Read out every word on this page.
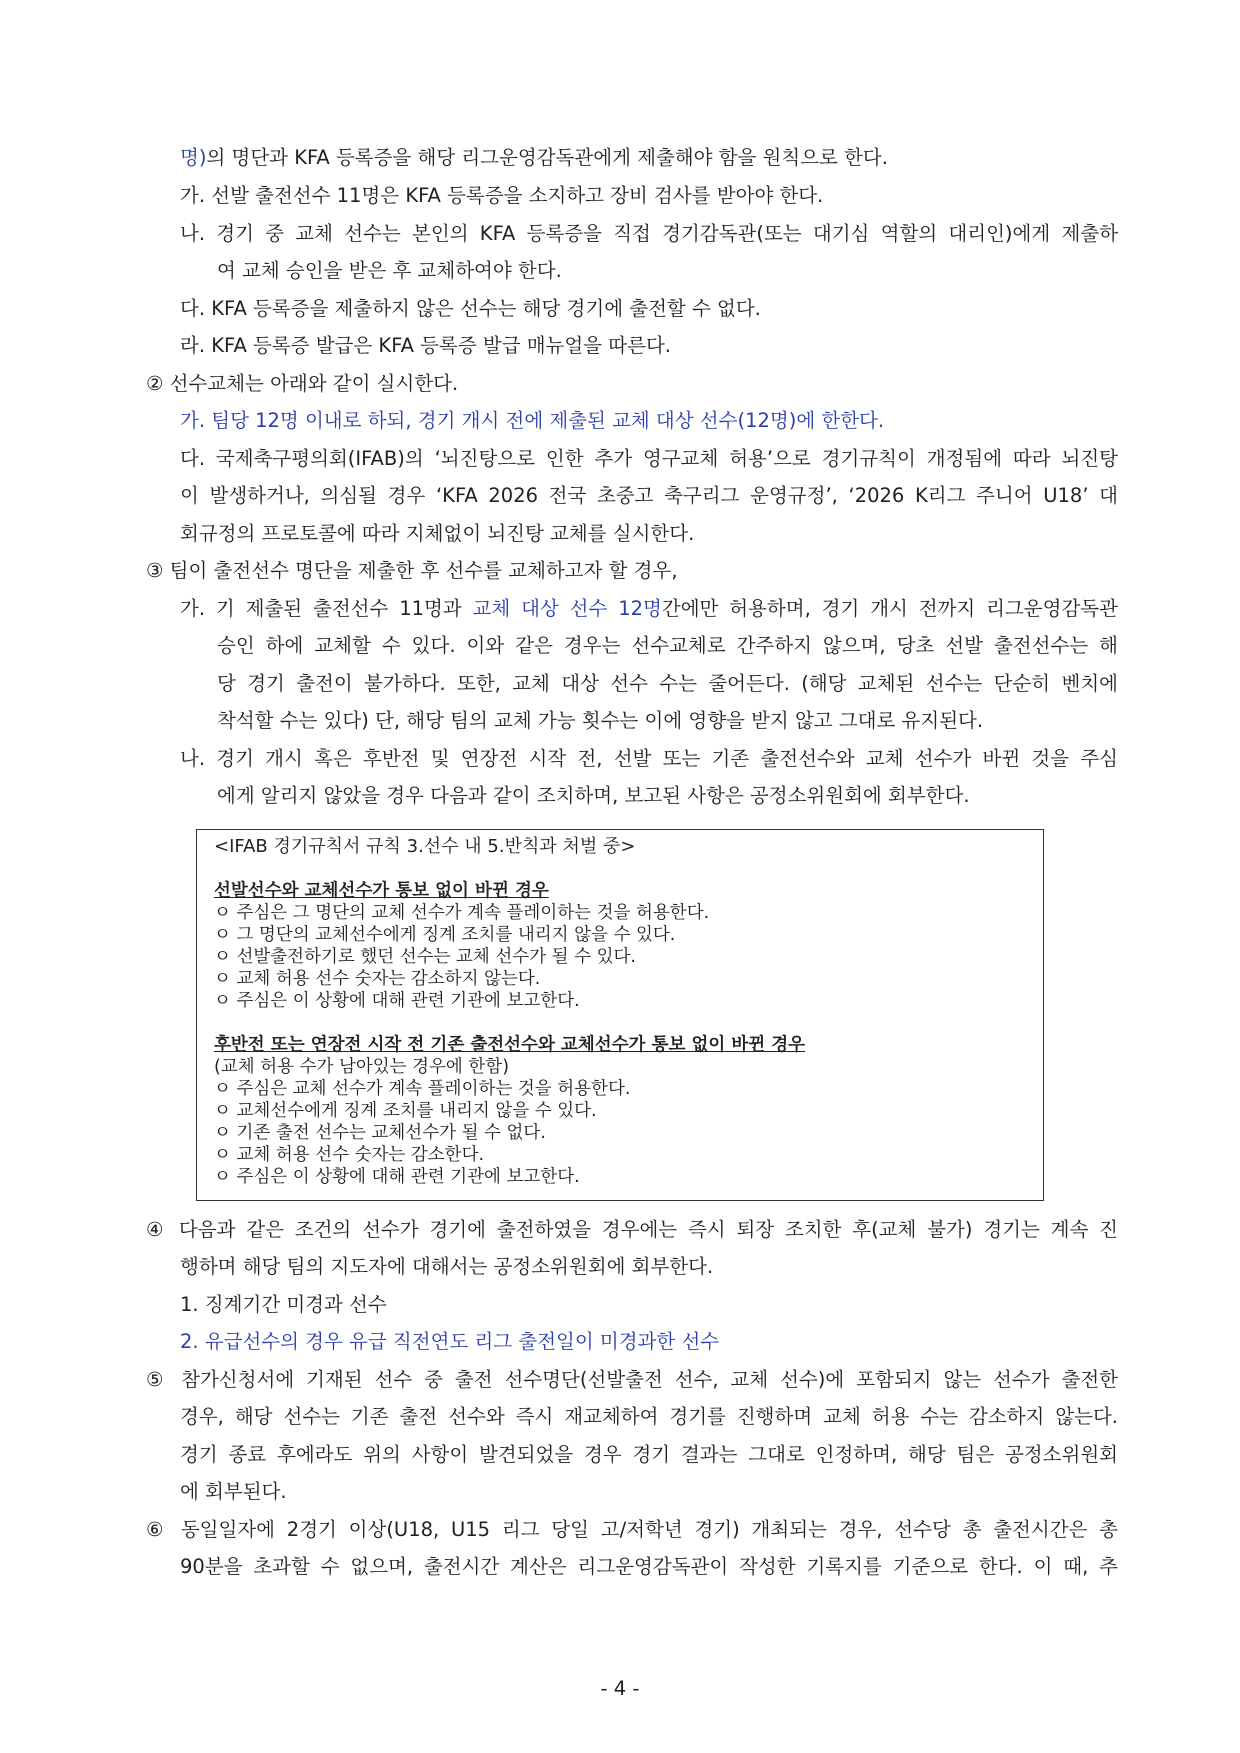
명)의 명단과 KFA 등록증을 해당 리그운영감독관에게 제출해야 함을 원칙으로 한다.
가. 선발 출전선수 11명은 KFA 등록증을 소지하고 장비 검사를 받아야 한다.
나. 경기 중 교체 선수는 본인의 KFA 등록증을 직접 경기감독관(또는 대기심 역할의 대리인)에게 제출하
여 교체 승인을 받은 후 교체하여야 한다.
다. KFA 등록증을 제출하지 않은 선수는 해당 경기에 출전할 수 없다.
라. KFA 등록증 발급은 KFA 등록증 발급 매뉴얼을 따른다.
② 선수교체는 아래와 같이 실시한다.
가. 팀당 12명 이내로 하되, 경기 개시 전에 제출된 교체 대상 선수(12명)에 한한다.
다. 국제축구평의회(IFAB)의 ‘뇌진탕으로 인한 추가 영구교체 허용’으로 경기규칙이 개정됨에 따라 뇌진탕
이 발생하거나, 의심될 경우 ‘KFA 2026 전국 초중고 축구리그 운영규정’, ‘2026 K리그 주니어 U18’ 대
회규정의 프로토콜에 따라 지체없이 뇌진탕 교체를 실시한다.
③ 팀이 출전선수 명단을 제출한 후 선수를 교체하고자 할 경우,
가. 기 제출된 출전선수 11명과 교체 대상 선수 12명간에만 허용하며, 경기 개시 전까지 리그운영감독관
승인 하에 교체할 수 있다. 이와 같은 경우는 선수교체로 간주하지 않으며, 당초 선발 출전선수는 해
당 경기 출전이 불가하다. 또한, 교체 대상 선수 수는 줄어든다. (해당 교체된 선수는 단순히 벤치에
착석할 수는 있다) 단, 해당 팀의 교체 가능 횟수는 이에 영향을 받지 않고 그대로 유지된다.
나. 경기 개시 혹은 후반전 및 연장전 시작 전, 선발 또는 기존 출전선수와 교체 선수가 바뀐 것을 주심
에게 알리지 않았을 경우 다음과 같이 조치하며, 보고된 사항은 공정소위원회에 회부한다.
<IFAB 경기규칙서 규칙 3.선수 내 5.반칙과 처벌 중>
선발선수와 교체선수가 통보 없이 바뀐 경우
ㅇ 주심은 그 명단의 교체 선수가 계속 플레이하는 것을 허용한다.
ㅇ 그 명단의 교체선수에게 징계 조치를 내리지 않을 수 있다.
ㅇ 선발출전하기로 했던 선수는 교체 선수가 될 수 있다.
ㅇ 교체 허용 선수 숫자는 감소하지 않는다.
ㅇ 주심은 이 상황에 대해 관련 기관에 보고한다.
후반전 또는 연장전 시작 전 기존 출전선수와 교체선수가 통보 없이 바뀐 경우
(교체 허용 수가 남아있는 경우에 한함)
ㅇ 주심은 교체 선수가 계속 플레이하는 것을 허용한다.
ㅇ 교체선수에게 징계 조치를 내리지 않을 수 있다.
ㅇ 기존 출전 선수는 교체선수가 될 수 없다.
ㅇ 교체 허용 선수 숫자는 감소한다.
ㅇ 주심은 이 상황에 대해 관련 기관에 보고한다.
④ 다음과 같은 조건의 선수가 경기에 출전하였을 경우에는 즉시 퇴장 조치한 후(교체 불가) 경기는 계속 진
행하며 해당 팀의 지도자에 대해서는 공정소위원회에 회부한다.
1. 징계기간 미경과 선수
2. 유급선수의 경우 유급 직전연도 리그 출전일이 미경과한 선수
⑤ 참가신청서에 기재된 선수 중 출전 선수명단(선발출전 선수, 교체 선수)에 포함되지 않는 선수가 출전한
경우, 해당 선수는 기존 출전 선수와 즉시 재교체하여 경기를 진행하며 교체 허용 수는 감소하지 않는다.
경기 종료 후에라도 위의 사항이 발견되었을 경우 경기 결과는 그대로 인정하며, 해당 팀은 공정소위원회
에 회부된다.
⑥ 동일일자에 2경기 이상(U18, U15 리그 당일 고/저학년 경기) 개최되는 경우, 선수당 총 출전시간은 총
90분을 초과할 수 없으며, 출전시간 계산은 리그운영감독관이 작성한 기록지를 기준으로 한다. 이 때, 추
- 4 -
